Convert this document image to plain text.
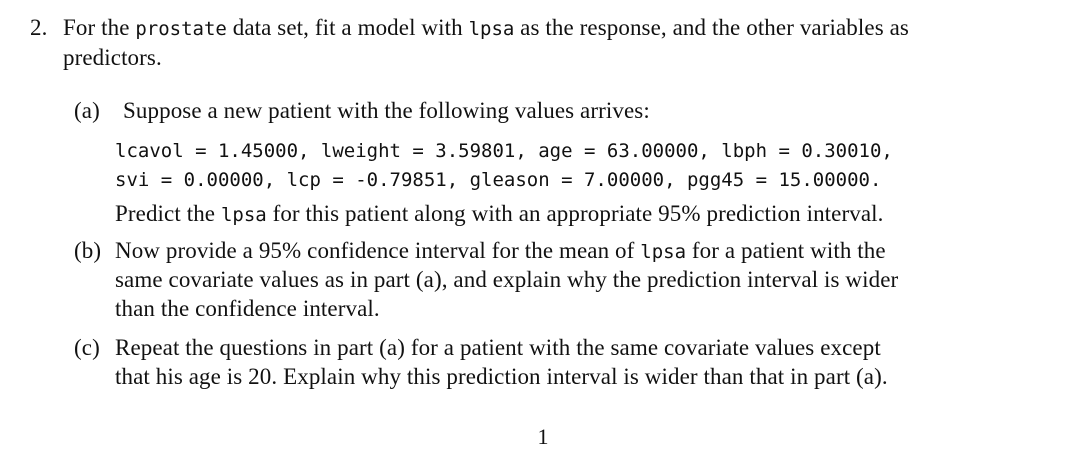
2. For the prostate data set, fit a model with lpsa as the response, and the other variables as
predictors.
(a) Suppose a new patient with the following values arrives:
lcavol = 1.45000, lweight = 3.59801, age = 63.00000, lbph = 0.30010,
svi = 0.00000, lcp = -0.79851, gleason = 7.00000, pgg45 = 15.00000.
Predict the lpsa for this patient along with an appropriate 95% prediction interval.
(b) Now provide a 95% confidence interval for the mean of lpsa for a patient with the
same covariate values as in part (a), and explain why the prediction interval is wider
than the confidence interval.
(c) Repeat the questions in part (a) for a patient with the same covariate values except
that his age is 20. Explain why this prediction interval is wider than that in part (a).
1
